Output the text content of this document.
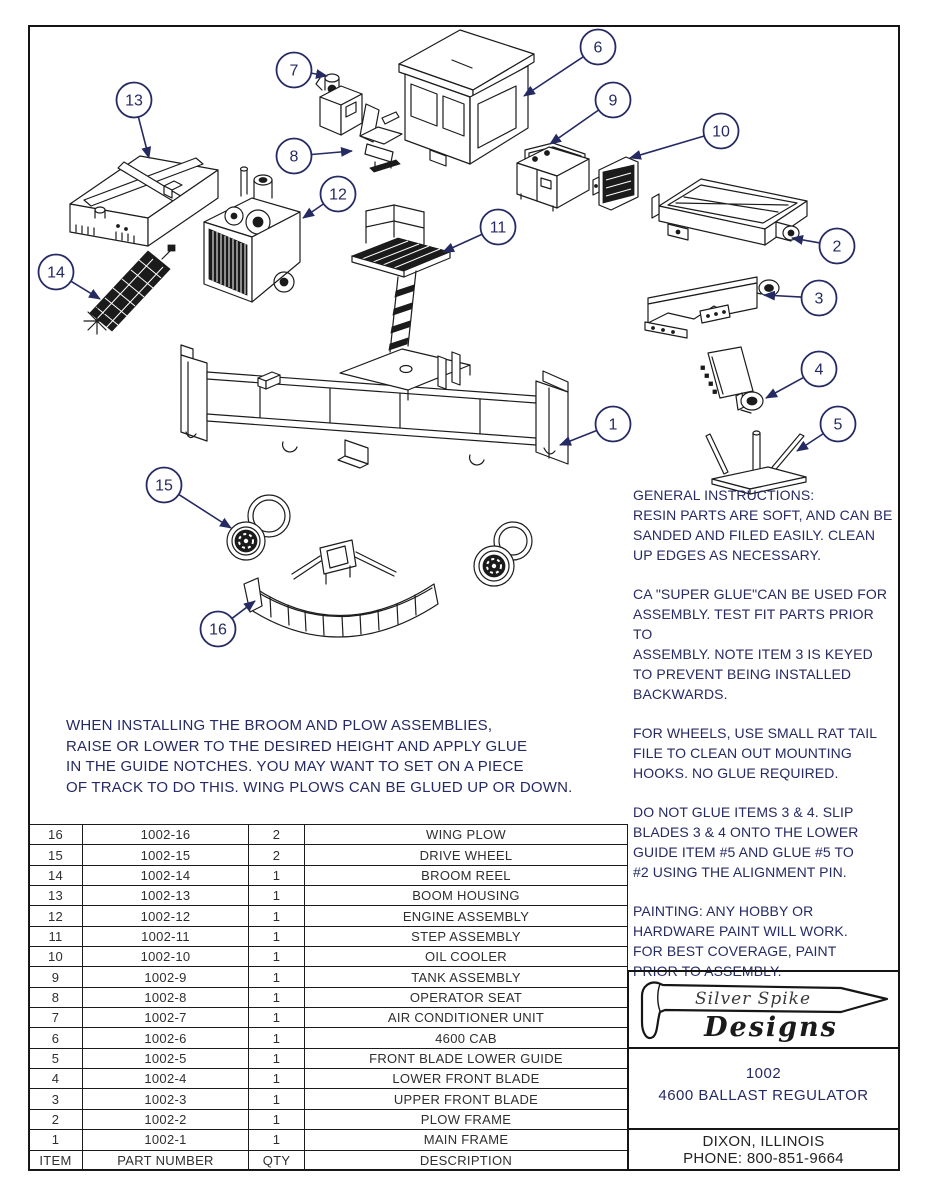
1
2
3
4
5
6
7
8
9
10
11
12
13
14
15
16
WHEN INSTALLING THE BROOM AND PLOW ASSEMBLIES,
RAISE OR LOWER TO THE DESIRED HEIGHT AND APPLY GLUE
IN THE GUIDE NOTCHES. YOU MAY WANT TO SET ON A PIECE
OF TRACK TO DO THIS. WING PLOWS CAN BE GLUED UP OR DOWN.
GENERAL INSTRUCTIONS:
RESIN PARTS ARE SOFT, AND CAN BE
SANDED AND FILED EASILY. CLEAN
UP EDGES AS NECESSARY.
CA "SUPER GLUE"CAN BE USED FOR
ASSEMBLY. TEST FIT PARTS PRIOR TO
ASSEMBLY. NOTE ITEM 3 IS KEYED
TO PREVENT BEING INSTALLED
BACKWARDS.
FOR WHEELS, USE SMALL RAT TAIL
FILE TO CLEAN OUT MOUNTING
HOOKS. NO GLUE REQUIRED.
DO NOT GLUE ITEMS 3 & 4. SLIP
BLADES 3 & 4 ONTO THE LOWER
GUIDE ITEM #5 AND GLUE #5 TO
#2 USING THE ALIGNMENT PIN.
PAINTING: ANY HOBBY OR
HARDWARE PAINT WILL WORK.
FOR BEST COVERAGE, PAINT
PRIOR TO ASSEMBLY.
16	1002-16	2	WING PLOW
15	1002-15	2	DRIVE WHEEL
14	1002-14	1	BROOM REEL
13	1002-13	1	BOOM HOUSING
12	1002-12	1	ENGINE ASSEMBLY
11	1002-11	1	STEP ASSEMBLY
10	1002-10	1	OIL COOLER
9	1002-9	1	TANK ASSEMBLY
8	1002-8	1	OPERATOR SEAT
7	1002-7	1	AIR CONDITIONER UNIT
6	1002-6	1	4600 CAB
5	1002-5	1	FRONT BLADE LOWER GUIDE
4	1002-4	1	LOWER FRONT BLADE
3	1002-3	1	UPPER FRONT BLADE
2	1002-2	1	PLOW FRAME
1	1002-1	1	MAIN FRAME
ITEM	PART NUMBER	QTY	DESCRIPTION
Silver Spike
Designs
1002
4600 BALLAST REGULATOR
DIXON, ILLINOIS
PHONE: 800-851-9664
